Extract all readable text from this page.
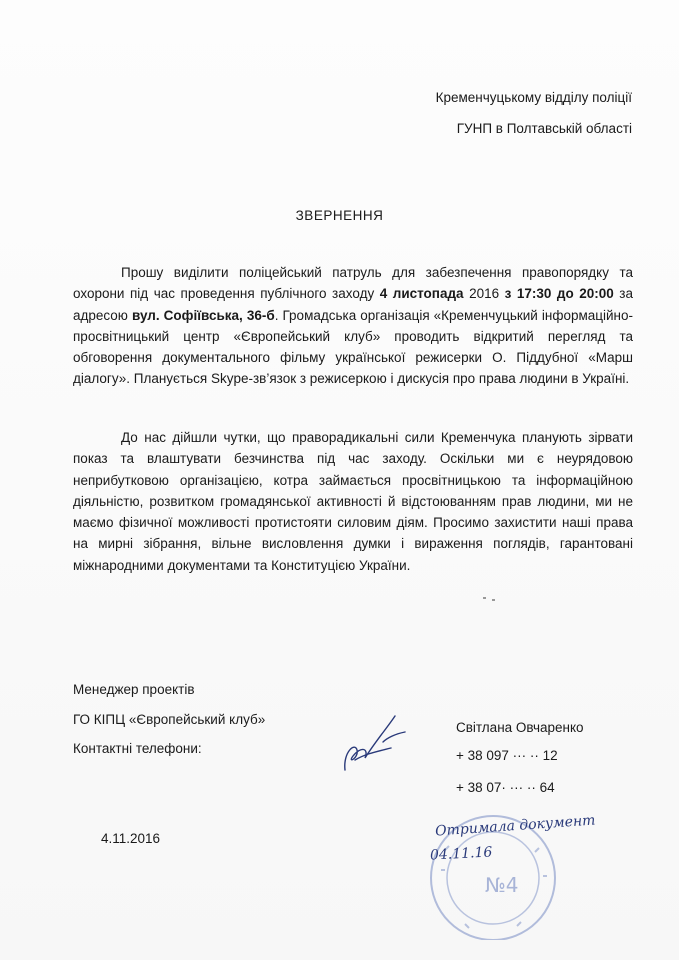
Кременчуцькому відділу поліції
ГУНП в Полтавській області
ЗВЕРНЕННЯ
Прошу виділити поліцейський патруль для забезпечення правопорядку та охорони під час проведення публічного заходу 4 листопада 2016 з 17:30 до 20:00 за адресою вул. Софіївська, 36-б. Громадська організація «Кременчуцький інформаційно-просвітницький центр «Європейський клуб» проводить відкритий перегляд та обговорення документального фільму української режисерки О. Піддубної «Марш діалогу». Планується Skype-зв’язок з режисеркою і дискусія про права людини в Україні.
До нас дійшли чутки, що праворадикальні сили Кременчука планують зірвати показ та влаштувати безчинства під час заходу. Оскільки ми є неурядовою неприбутковою організацією, котра займається просвітницькою та інформаційною діяльністю, розвитком громадянської активності й відстоюванням прав людини, ми не маємо фізичної можливості протистояти силовим діям. Просимо захистити наші права на мирні зібрання, вільне висловлення думки і вираження поглядів, гарантовані міжнародними документами та Конституцією України.
Менеджер проектів
ГО КІПЦ «Європейський клуб»
Контактні телефони:
Світлана Овчаренко
+ 38 097 ··· ·· 12
+ 38 07· ··· ·· 64
4.11.2016
№4
Отримала документ
04.11.16
